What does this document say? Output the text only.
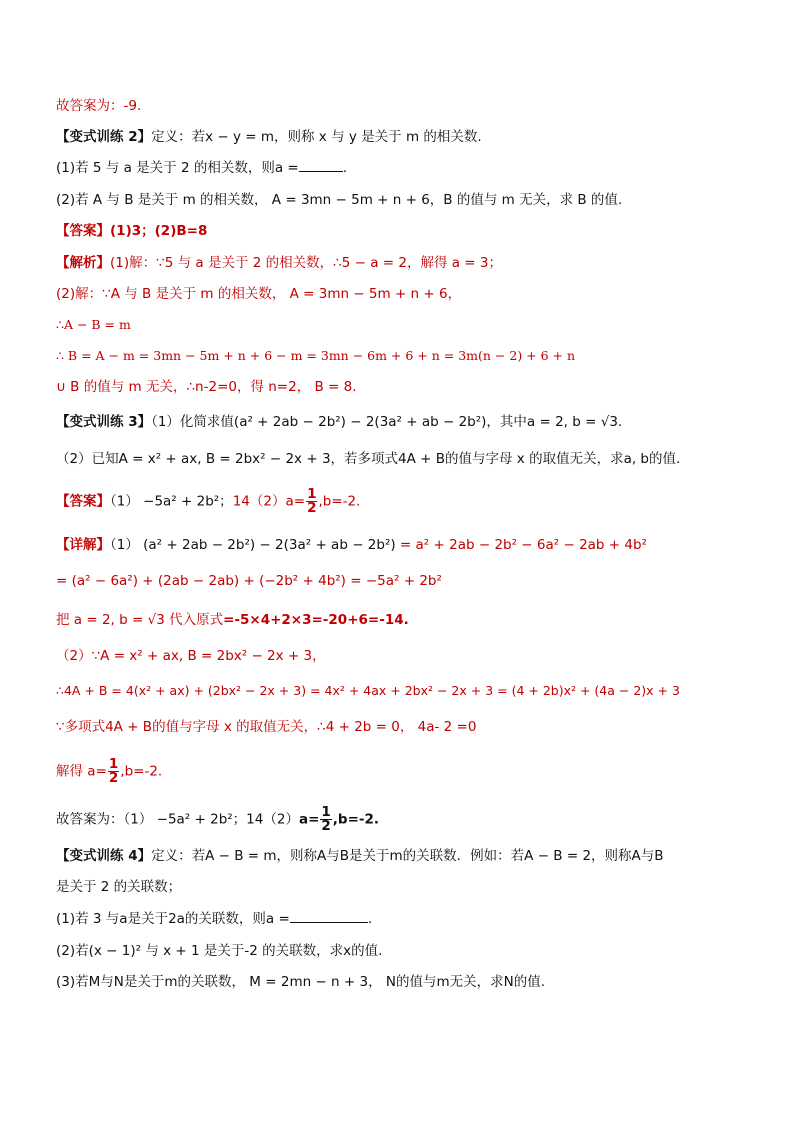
故答案为：-9.
【变式训练 2】定义：若x − y = m，则称 x 与 y 是关于 m 的相关数.
(1)若 5 与 a 是关于 2 的相关数，则a =	.
(2)若 A 与 B 是关于 m 的相关数， A = 3mn − 5m + n + 6，B 的值与 m 无关，求 B 的值.
【答案】(1)3；(2)B=8
【解析】(1)解：∵5 与 a 是关于 2 的相关数，∴5 − a = 2，解得 a = 3；
(2)解：∵A 与 B 是关于 m 的相关数， A = 3mn − 5m + n + 6，
∴A − B = m
∴ B = A − m = 3mn − 5m + n + 6 − m = 3mn − 6m + 6 + n = 3m(n − 2) + 6 + n
∪ B 的值与 m 无关，∴n-2=0，得 n=2， B = 8.
【变式训练 3】（1）化简求值(a² + 2ab − 2b²) − 2(3a² + ab − 2b²)，其中a = 2, b = √3.
（2）已知A = x² + ax, B = 2bx² − 2x + 3，若多项式4A + B的值与字母 x 的取值无关，求a, b的值.
【答案】（1） −5a² + 2b²；$14(2)a= \frac{1}{2} ,b=-2$.
【详解】（1） (a² + 2ab − 2b²) − 2(3a² + ab − 2b²) = a² + 2ab − 2b² − 6a² − 2ab + 4b²
= (a² − 6a²) + (2ab − 2ab) + (−2b² + 4b²) = −5a² + 2b²
把 a = 2, b = √3 代入原式=-5×4+2×3=-20+6=-14.
（2）∵A = x² + ax, B = 2bx² − 2x + 3，
∴4A + B = 4(x² + ax) + (2bx² − 2x + 3) = 4x² + 4ax + 2bx² − 2x + 3 = (4 + 2b)x² + (4a − 2)x + 3
∵多项式4A + B的值与字母 x 的取值无关，∴4 + 2b = 0， 4a‐ 2 =0
解得 $a= \frac{1}{2} ,b=-2$.
故答案为：（1） −5a² + 2b²；$14(2)a= \frac{1}{2} ,b=-2$.
【变式训练 4】定义：若A − B = m，则称A与B是关于m的关联数．例如：若A − B = 2，则称A与B
是关于 2 的关联数；
(1)若 3 与a是关于2a的关联数，则a =	.
(2)若(x − 1)² 与 x + 1 是关于-2 的关联数，求x的值.
(3)若M与N是关于m的关联数， M = 2mn − n + 3， N的值与m无关，求N的值.
